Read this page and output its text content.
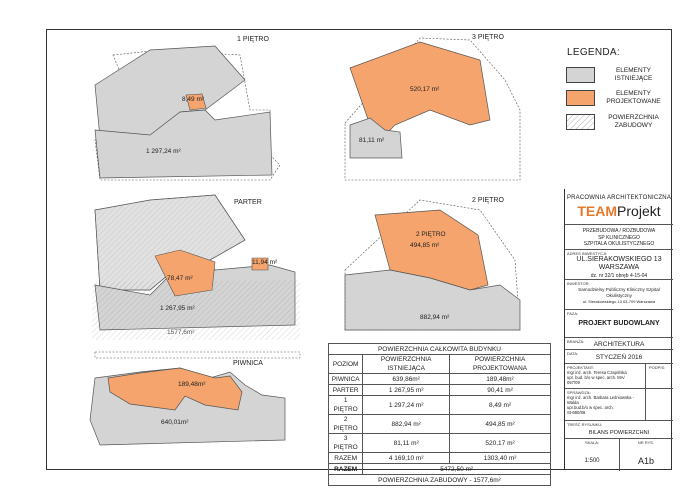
1 PIĘTRO
8,49 m²
1 297,24 m²
3 PIĘTRO
520,17 m²
81,11 m²
PARTER
78,47 m²
11,94 m²
1 267,95 m²
1577,6m²
2 PIĘTRO
2 PIĘTRO
494,85 m²
882,94 m²
PIWNICA
189,48m²
640,01m²
LEGENDA:
ELEMENTY
ISTNIEJĄCE
ELEMENTY
PROJEKTOWANE
POWIERZCHNIA
ZABUDOWY
POWIERZCHNIA CAŁKOWITA BUDYNKU		
POZIOM	POWIERZCHNIA ISTNIEJĄCA	POWIERZCHNIA PROJEKTOWANA
PIWNICA	639,86m²	189,48m²
PARTER	1 267,95 m²	90,41 m²
1 PIĘTRO	1 297,24 m²	8,49 m²
2 PIĘTRO	882,94 m²	494,85 m²
3 PIĘTRO	81,11 m²	520,17 m²
RAZEM	4 169,10 m²	1303,40 m²
RAZEM	5472,50 m²	
POWIERZCHNIA ZABUDOWY - 1577,6m²		
PRACOWNIA ARCHITEKTONICZNA
TEAMProjekt
PRZEBUDOWA / ROZBUDOWA
SP KLINICZNEGO
SZPITALA OKULISTYCZNEGO
ADRES INWESTYCJI:
UL.SIERAKOWSKIEGO 13
WARSZAWA
dz. nr 32/1 obręb 4-15-04
INWESTOR:
Samodzielny Publiczny Kliniczny Szpital
Okulistyczny
ul. Sierakowskiego 13 03-709 Warszawa
FAZA:
PROJEKT BUDOWLANY
BRANŻA:	ARCHITEKTURA
DATA:
STYCZEŃ 2016
PROJEKTANT:	PODPIS:
mgr inż. arch. Teresa Czapińska
upr. bud. b/o w spec. arch. MA/
057/09
SPRAWDZIŁ:
mgr inż. arch. Barbara Leśniowska -
Walda
upr.bud.b/o w spec. arch.
St-680/86
TREŚĆ RYSUNKU:
BILANS POWIERZCHNI
SKALA:	NR RYS.
1:500	A1b
